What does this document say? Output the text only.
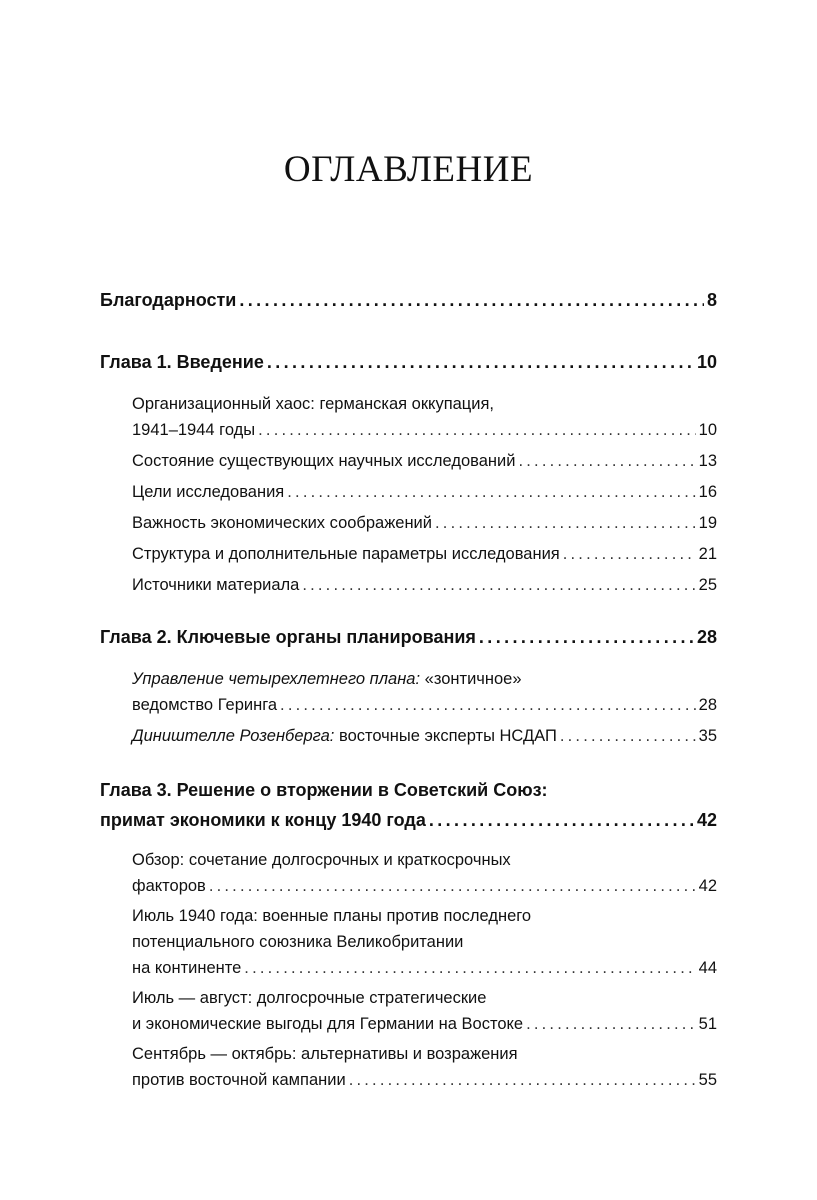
ОГЛАВЛЕНИЕ
Благодарности .....	8
Глава 1. Введение .....	10
Организационный хаос: германская оккупация,
1941–1944 годы .....	10
Состояние существующих научных исследований .....	13
Цели исследования .....	16
Важность экономических соображений .....	19
Структура и дополнительные параметры исследования .....	21
Источники материала .....	25
Глава 2. Ключевые органы планирования .....	28
Управление четырехлетнего плана: «зонтичное»
ведомство Геринга .....	28
Диништелле Розенберга: восточные эксперты НСДАП .....	35
Глава 3. Решение о вторжении в Советский Союз:
примат экономики к концу 1940 года .....	42
Обзор: сочетание долгосрочных и краткосрочных
факторов .....	42
Июль 1940 года: военные планы против последнего
потенциального союзника Великобритании
на континенте .....	44
Июль — август: долгосрочные стратегические
и экономические выгоды для Германии на Востоке .....	51
Сентябрь — октябрь: альтернативы и возражения
против восточной кампании .....	55
